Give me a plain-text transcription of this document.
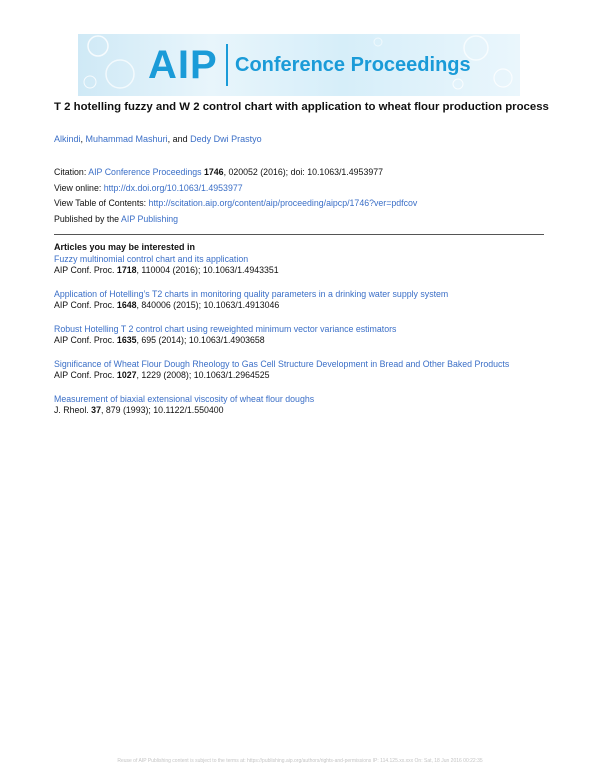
AIP Conference Proceedings
T 2 hotelling fuzzy and W 2 control chart with application to wheat flour production process
Alkindi, Muhammad Mashuri, and Dedy Dwi Prastyo
Citation: AIP Conference Proceedings 1746, 020052 (2016); doi: 10.1063/1.4953977
View online: http://dx.doi.org/10.1063/1.4953977
View Table of Contents: http://scitation.aip.org/content/aip/proceeding/aipcp/1746?ver=pdfcov
Published by the AIP Publishing
Articles you may be interested in
Fuzzy multinomial control chart and its application
AIP Conf. Proc. 1718, 110004 (2016); 10.1063/1.4943351
Application of Hotelling’s T2 charts in monitoring quality parameters in a drinking water supply system
AIP Conf. Proc. 1648, 840006 (2015); 10.1063/1.4913046
Robust Hotelling T 2 control chart using reweighted minimum vector variance estimators
AIP Conf. Proc. 1635, 695 (2014); 10.1063/1.4903658
Significance of Wheat Flour Dough Rheology to Gas Cell Structure Development in Bread and Other Baked Products
AIP Conf. Proc. 1027, 1229 (2008); 10.1063/1.2964525
Measurement of biaxial extensional viscosity of wheat flour doughs
J. Rheol. 37, 879 (1993); 10.1122/1.550400
Reuse of AIP Publishing content is subject to the terms at: https://publishing.aip.org/authors/rights-and-permissions IP: 114.125.xx.xxx On: Sat, 18 Jun 2016 00:22:35
